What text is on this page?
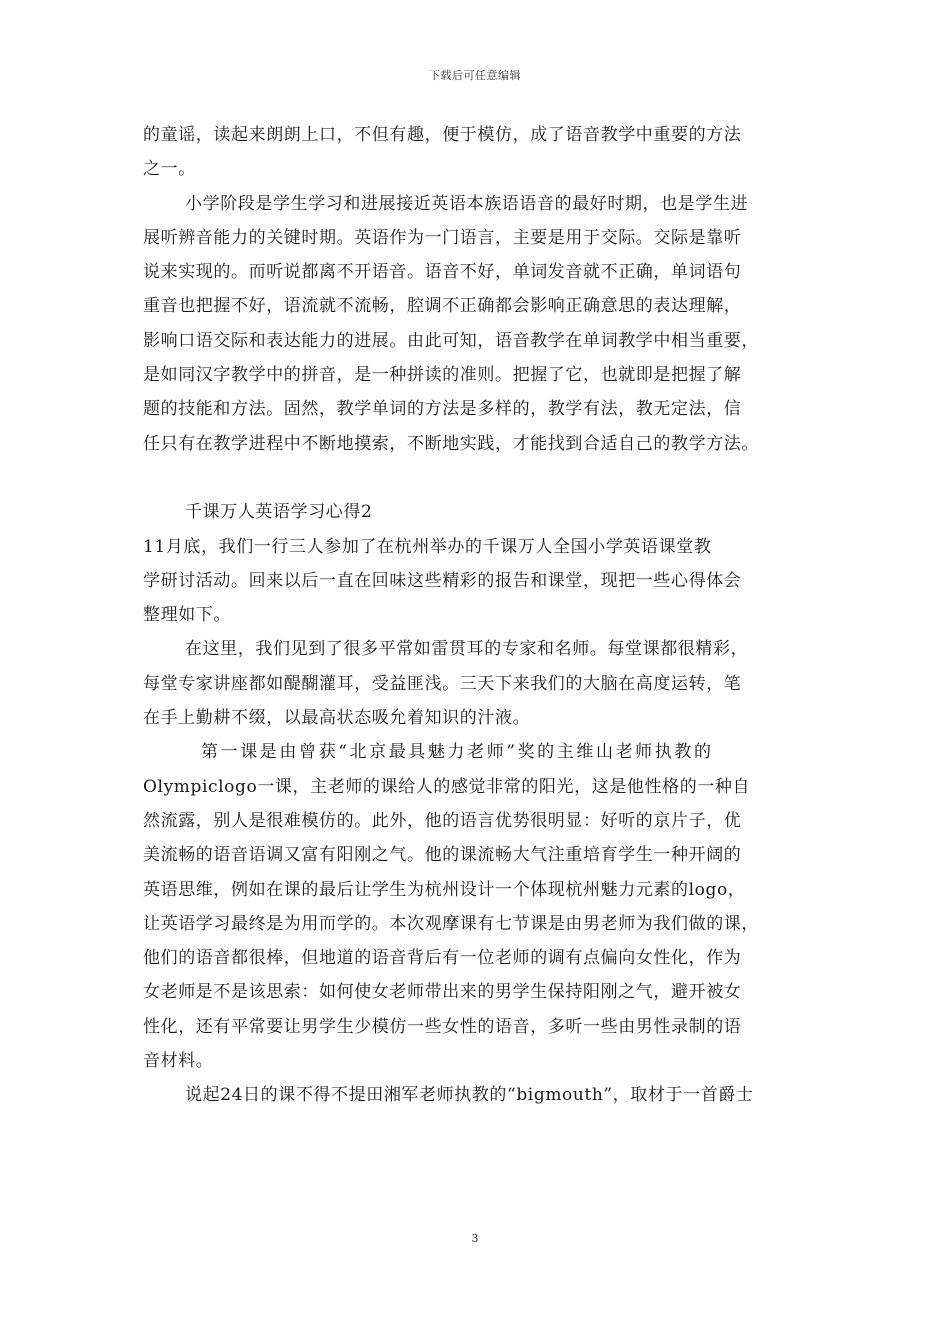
下载后可任意编辑
的童谣，读起来朗朗上口，不但有趣，便于模仿，成了语音教学中重要的方法
之一。
小学阶段是学生学习和进展接近英语本族语语音的最好时期，也是学生进
展听辨音能力的关键时期。英语作为一门语言，主要是用于交际。交际是靠听
说来实现的。而听说都离不开语音。语音不好，单词发音就不正确，单词语句
重音也把握不好，语流就不流畅，腔调不正确都会影响正确意思的表达理解，
影响口语交际和表达能力的进展。由此可知，语音教学在单词教学中相当重要，
是如同汉字教学中的拼音，是一种拼读的准则。把握了它，也就即是把握了解
题的技能和方法。固然，教学单词的方法是多样的，教学有法，教无定法，信
任只有在教学进程中不断地摸索，不断地实践，才能找到合适自己的教学方法。
千课万人英语学习心得2
11月底，我们一行三人参加了在杭州举办的千课万人全国小学英语课堂教
学研讨活动。回来以后一直在回味这些精彩的报告和课堂，现把一些心得体会
整理如下。
在这里，我们见到了很多平常如雷贯耳的专家和名师。每堂课都很精彩，
每堂专家讲座都如醍醐灌耳，受益匪浅。三天下来我们的大脑在高度运转，笔
在手上勤耕不缀，以最高状态吸允着知识的汁液。
第一课是由曾获“北京最具魅力老师”奖的主维山老师执教的
Olympiclogo一课，主老师的课给人的感觉非常的阳光，这是他性格的一种自
然流露，别人是很难模仿的。此外，他的语言优势很明显：好听的京片子，优
美流畅的语音语调又富有阳刚之气。他的课流畅大气注重培育学生一种开阔的
英语思维，例如在课的最后让学生为杭州设计一个体现杭州魅力元素的logo，
让英语学习最终是为用而学的。本次观摩课有七节课是由男老师为我们做的课，
他们的语音都很棒，但地道的语音背后有一位老师的调有点偏向女性化，作为
女老师是不是该思索：如何使女老师带出来的男学生保持阳刚之气，避开被女
性化，还有平常要让男学生少模仿一些女性的语音，多听一些由男性录制的语
音材料。
说起24日的课不得不提田湘军老师执教的“bigmouth”，取材于一首爵士
3
